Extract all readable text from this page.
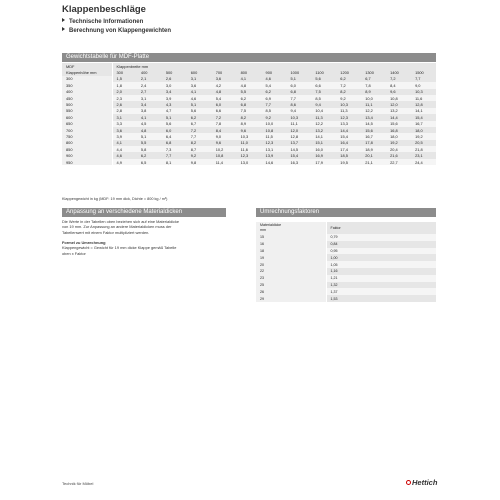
Klappenbeschläge
Technische Informationen
Berechnung von Klappengewichten
Gewichtstabelle für MDF-Platte
MDF	Klappenbreite mm												
Klappenhöhe mm	300	400	500	600	700	800	900	1000	1100	1200	1300	1400	1500
300	1,5	2,1	2,6	3,1	3,6	4,1	4,6	5,1	5,6	6,2	6,7	7,2	7,7
350	1,8	2,4	3,0	3,6	4,2	4,8	5,4	6,0	6,6	7,2	7,8	8,4	9,0
400	2,0	2,7	3,4	4,1	4,8	5,5	6,2	6,8	7,5	8,2	8,9	9,6	10,3
450	2,3	3,1	3,9	4,6	5,4	6,2	6,9	7,7	8,5	9,2	10,0	10,8	11,6
500	2,6	3,4	4,3	5,1	6,0	6,8	7,7	8,6	9,4	10,3	11,1	12,0	12,8
550	2,8	3,8	4,7	5,6	6,6	7,5	8,5	9,4	10,4	11,3	12,2	13,2	14,1
600	3,1	4,1	5,1	6,2	7,2	8,2	9,2	10,3	11,3	12,3	13,4	14,4	15,4
650	3,3	4,5	5,6	6,7	7,8	8,9	10,0	11,1	12,2	13,3	14,5	15,6	16,7
700	3,6	4,8	6,0	7,2	8,4	9,6	10,8	12,0	13,2	14,4	15,6	16,8	18,0
750	3,9	5,1	6,4	7,7	9,0	10,3	11,5	12,8	14,1	15,4	16,7	18,0	19,2
800	4,1	5,5	6,8	8,2	9,6	11,0	12,3	13,7	15,1	16,4	17,8	19,2	20,5
850	4,4	5,8	7,3	8,7	10,2	11,6	13,1	14,5	16,0	17,4	18,9	20,4	21,8
900	4,6	6,2	7,7	9,2	10,8	12,3	13,9	15,4	16,9	18,5	20,1	21,6	23,1
950	4,9	6,5	8,1	9,8	11,4	13,0	14,6	16,3	17,9	19,5	21,1	22,7	24,4
Klappengewicht in kg (MDF: 19 mm dick, Dichte = 800 kg / m³)
Anpassung an verschiedene Materialdicken
Die Werte in der Tabellen oben beziehen sich auf eine Materialdicke
von 19 mm. Zur Anpassung an andere Materialdicken muss der
Tabellenwert mit einem Faktor multipliziert werden.
Formel zu Umrechnung
Klappengewicht = Gewicht für 19 mm dicke Klappe gemäß Tabelle
oben x Faktor
Umrechnungsfaktoren
Materialdicke
mm	Faktor
15	0,79
16	0,84
18	0,95
19	1,00
20	1,05
22	1,16
23	1,21
25	1,32
26	1,37
29	1,53
Technik für Möbel	Hettich
